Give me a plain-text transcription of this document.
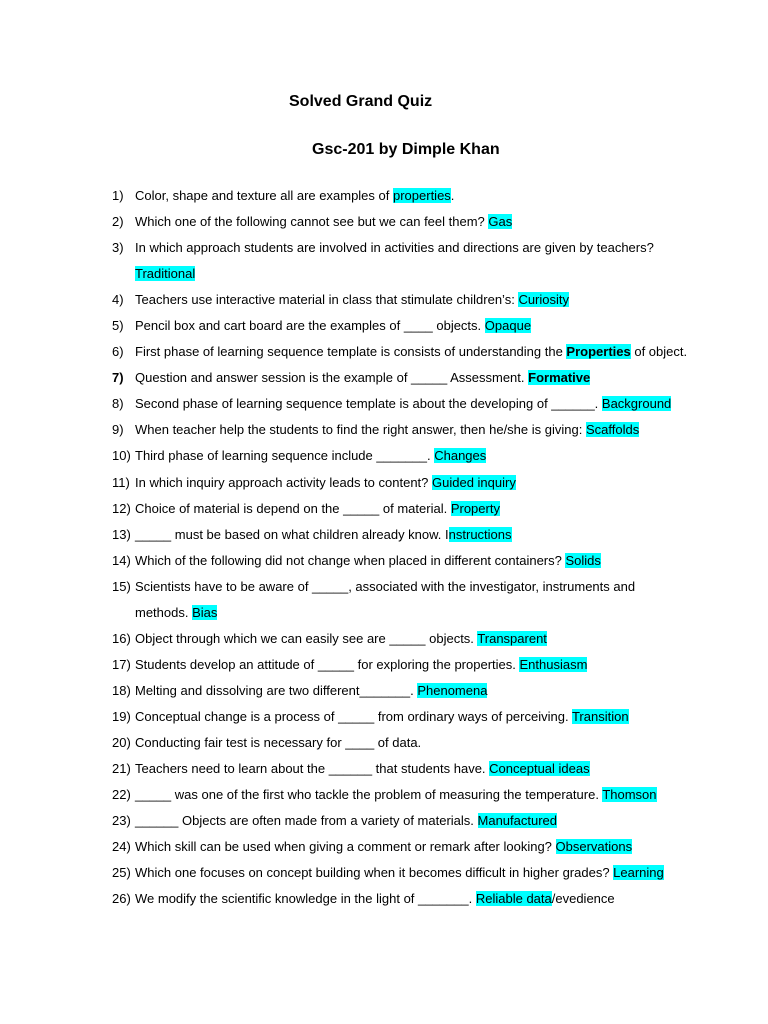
Solved Grand Quiz
Gsc-201 by Dimple Khan
1) Color, shape and texture all are examples of properties.
2) Which one of the following cannot see but we can feel them? Gas
3) In which approach students are involved in activities and directions are given by teachers?
Traditional
4) Teachers use interactive material in class that stimulate children’s: Curiosity
5) Pencil box and cart board are the examples of ____ objects. Opaque
6) First phase of learning sequence template is consists of understanding the Properties of object.
7) Question and answer session is the example of _____ Assessment. Formative
8) Second phase of learning sequence template is about the developing of ______. Background
9) When teacher help the students to find the right answer, then he/she is giving: Scaffolds
10) Third phase of learning sequence include _______. Changes
11) In which inquiry approach activity leads to content? Guided inquiry
12) Choice of material is depend on the _____ of material. Property
13) _____ must be based on what children already know. Instructions
14) Which of the following did not change when placed in different containers? Solids
15) Scientists have to be aware of _____, associated with the investigator, instruments and
methods. Bias
16) Object through which we can easily see are _____ objects. Transparent
17) Students develop an attitude of _____ for exploring the properties. Enthusiasm
18) Melting and dissolving are two different_______. Phenomena
19) Conceptual change is a process of _____ from ordinary ways of perceiving. Transition
20) Conducting fair test is necessary for ____ of data.
21) Teachers need to learn about the ______ that students have. Conceptual ideas
22) _____ was one of the first who tackle the problem of measuring the temperature. Thomson
23) ______ Objects are often made from a variety of materials. Manufactured
24) Which skill can be used when giving a comment or remark after looking? Observations
25) Which one focuses on concept building when it becomes difficult in higher grades? Learning
26) We modify the scientific knowledge in the light of _______. Reliable data/evedience
